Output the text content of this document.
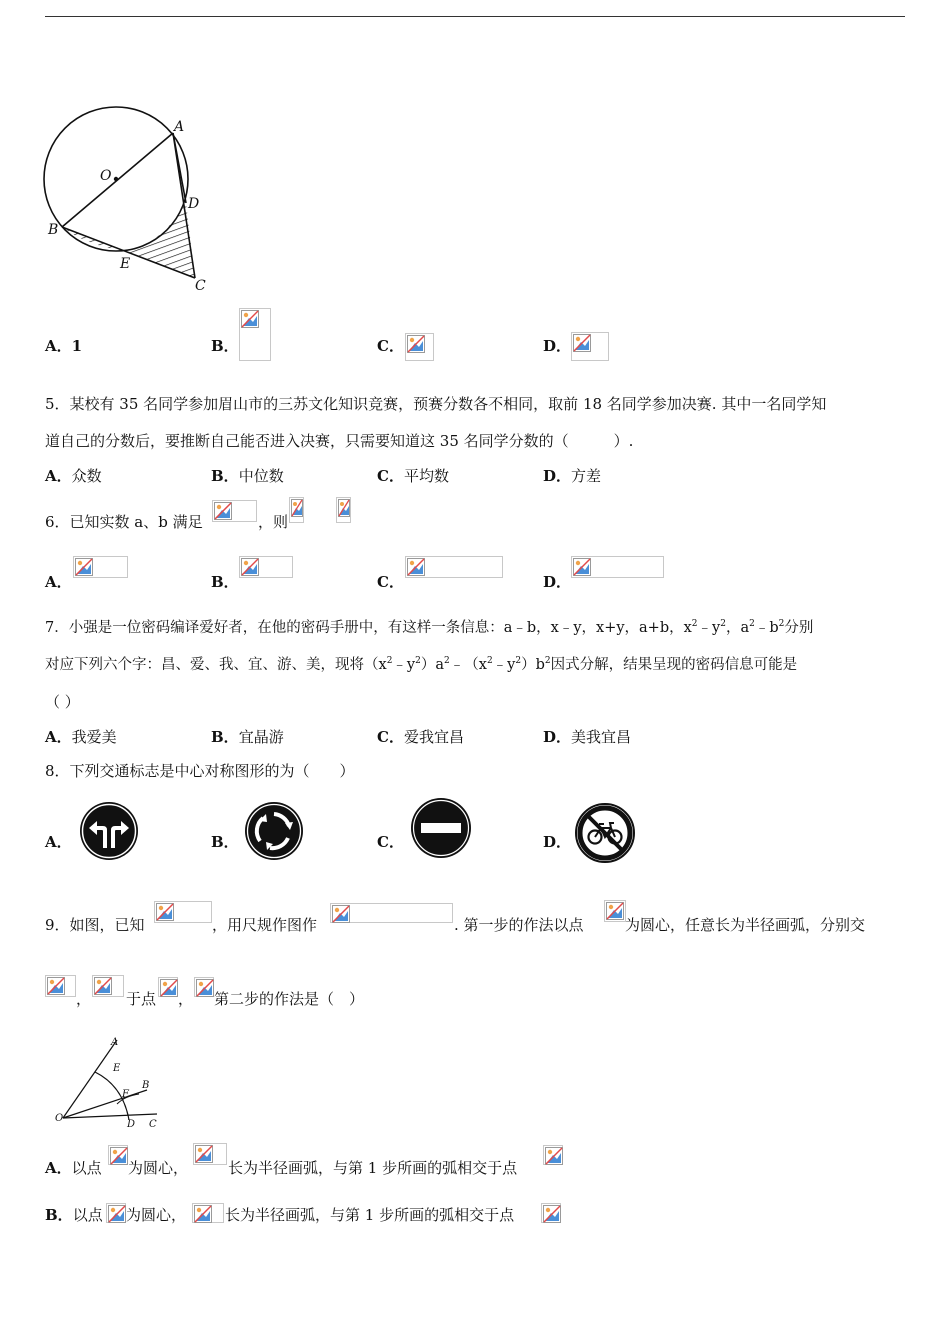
A
O
B
D
E
C
A．1	B．	C．	D．
5．某校有 35 名同学参加眉山市的三苏文化知识竞赛，预赛分数各不相同，取前 18 名同学参加决赛. 其中一名同学知
道自己的分数后，要推断自己能否进入决赛，只需要知道这 35 名同学分数的（　　　）.
A．众数	B．中位数	C．平均数	D．方差
6．已知实数 a、b 满足	，则
A．	B．	C．	D．
7．小强是一位密码编译爱好者，在他的密码手册中，有这样一条信息：a﹣b，x﹣y，x+y，a+b，$x^2﹣y^2$，$a^2﹣b^2$分别
对应下列六个字：昌、爱、我、宜、游、美，现将$(x^2﹣y^2)a^2﹣(x^2﹣y^2)b^2$因式分解，结果呈现的密码信息可能是
（ ）
A．我爱美	B．宜晶游	C．爱我宜昌	D．美我宜昌
8．下列交通标志是中心对称图形的为（　　）
A．	B．	C．	D．
9．如图，已知	，用尺规作图作	. 第一步的作法以点	为圆心，任意长为半径画弧，分别交
， 于点 ， 第二步的作法是（　）
A
E
B
F
O
D C
A．以点 为圆心，	长为半径画弧，与第 1 步所画的弧相交于点
B．以点 为圆心，	长为半径画弧，与第 1 步所画的弧相交于点
